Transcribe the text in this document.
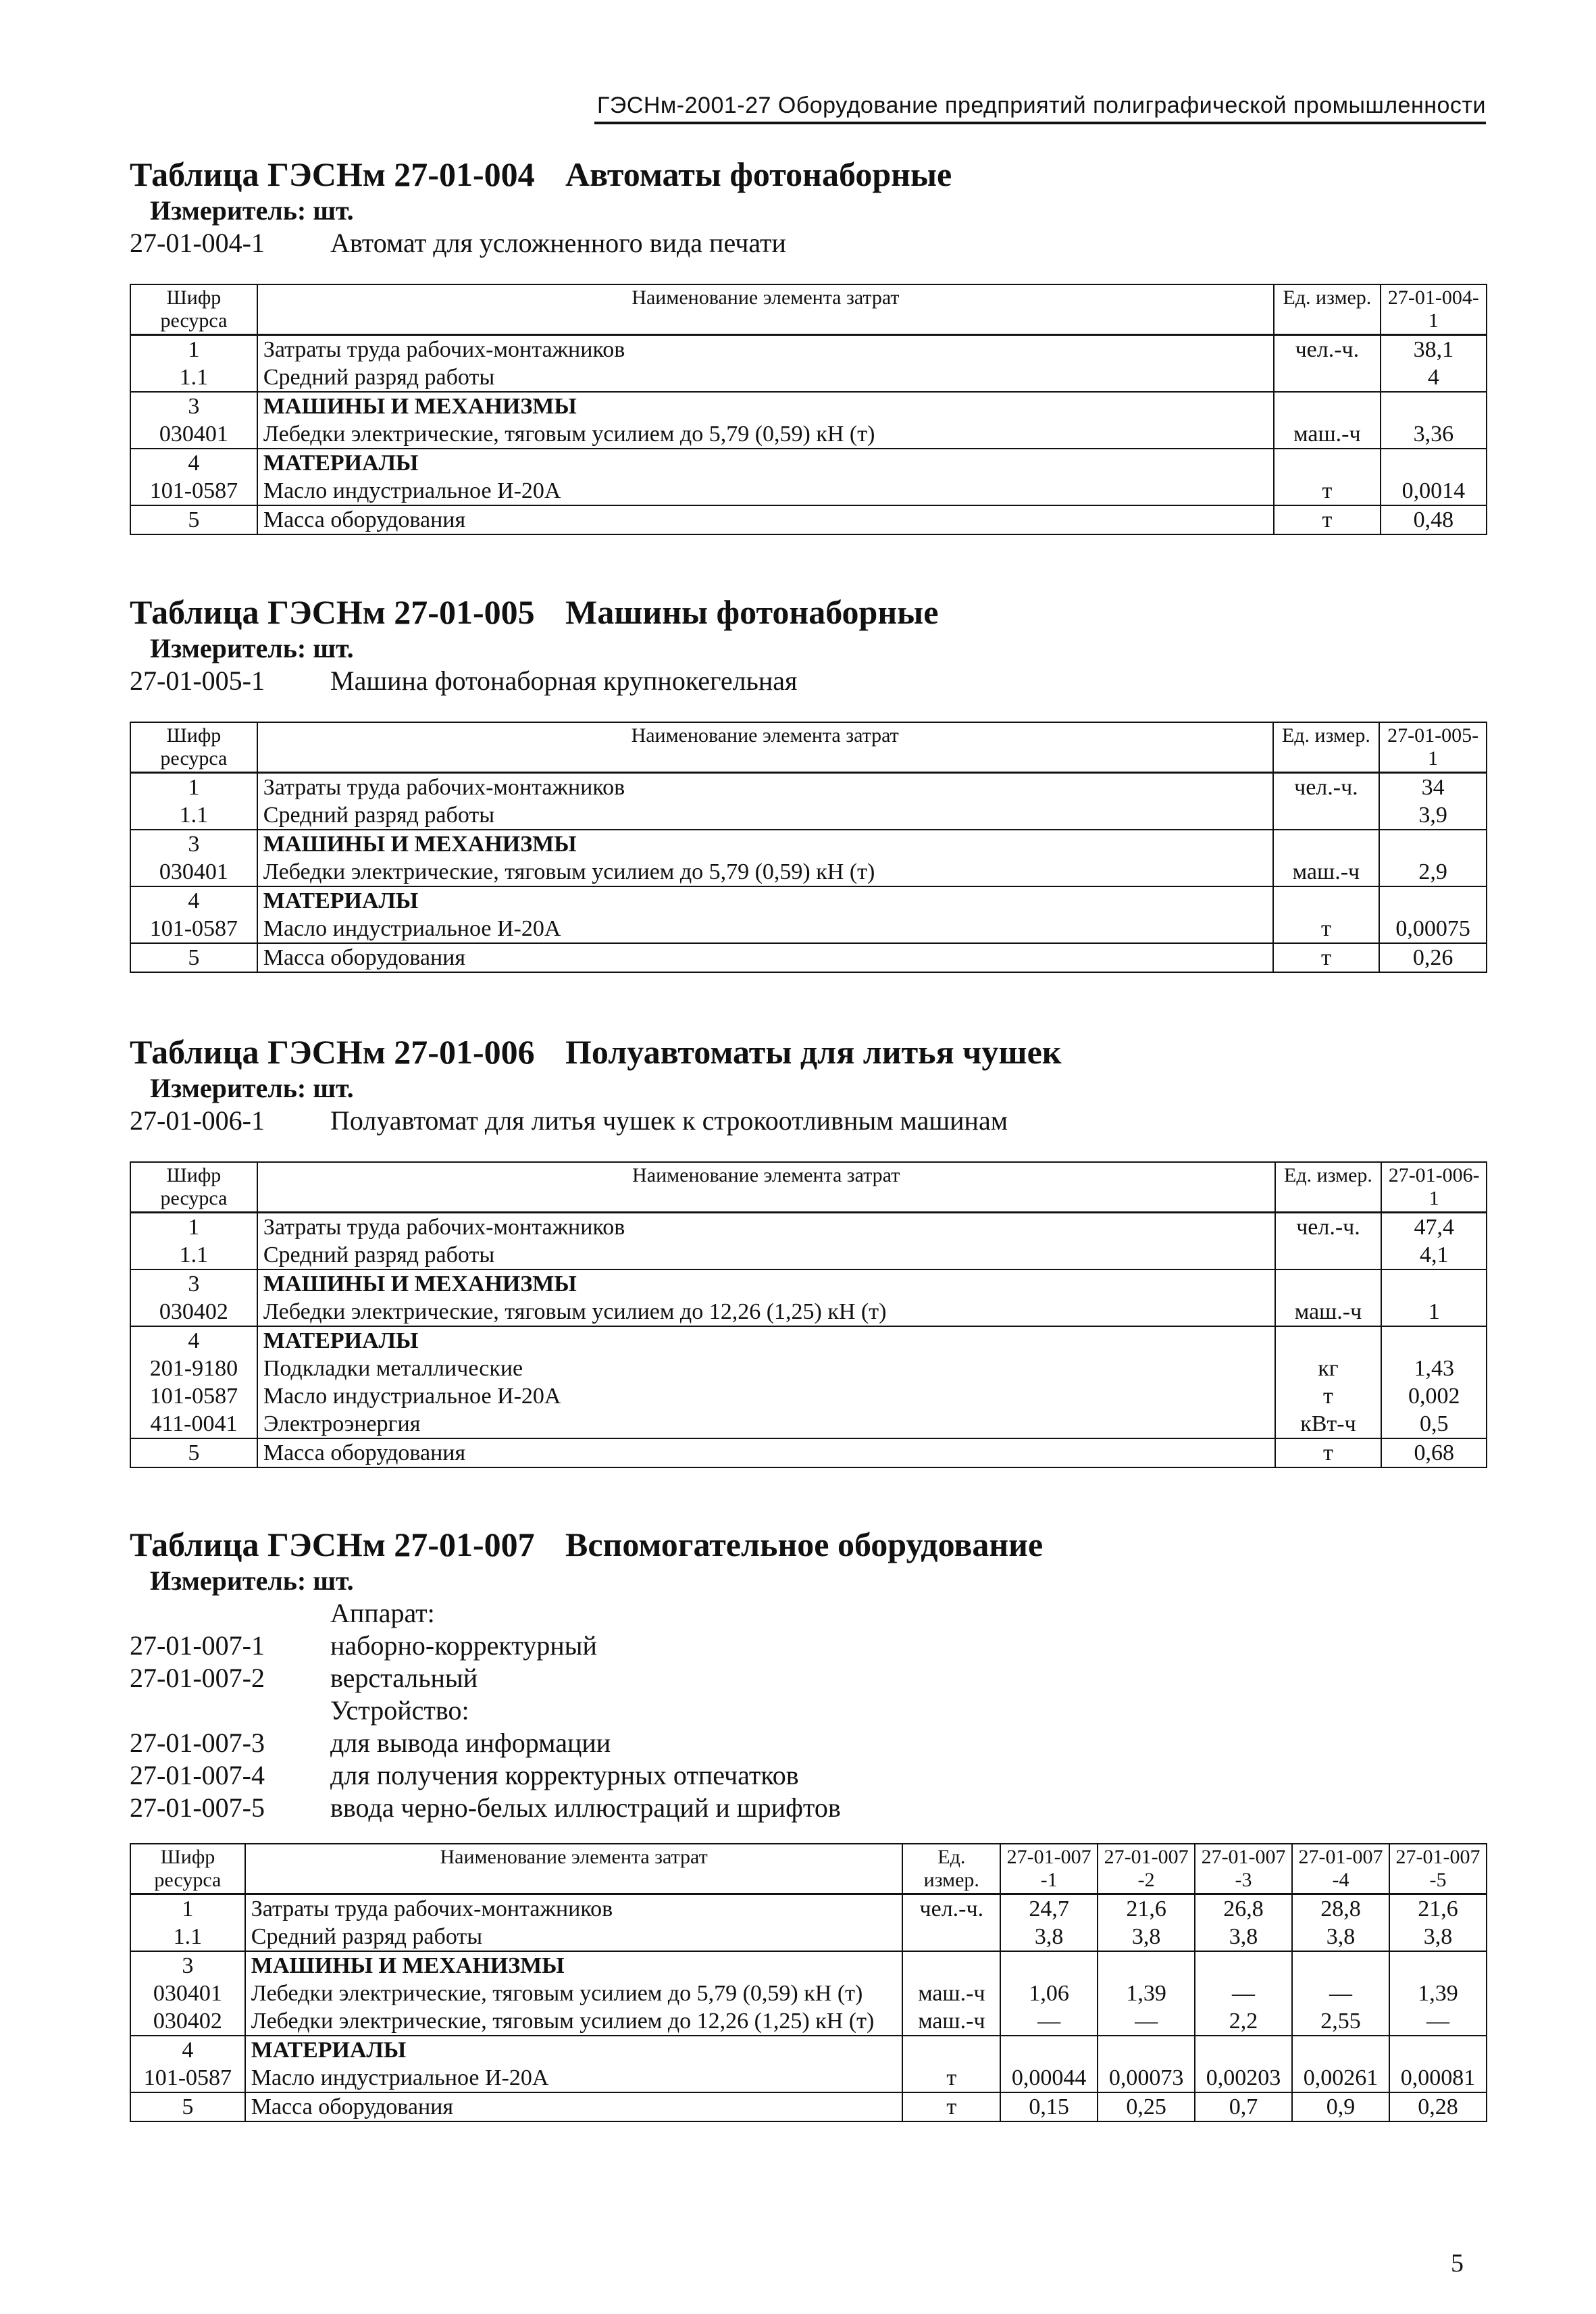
ГЭСНм-2001-27 Оборудование предприятий полиграфической промышленности
Таблица ГЭСНм 27-01-004 Автоматы фотонаборные
Измеритель: шт.
27-01-004-1 Автомат для усложненного вида печати
Шифр ресурса	Наименование элемента затрат	Ед. измер.	27-01-004-1
1	Затраты труда рабочих-монтажников	чел.-ч.	38,1
1.1	Средний разряд работы		4
3	МАШИНЫ И МЕХАНИЗМЫ		
030401	Лебедки электрические, тяговым усилием до 5,79 (0,59) кН (т)	маш.-ч	3,36
4	МАТЕРИАЛЫ		
101-0587	Масло индустриальное И-20А	т	0,0014
5	Масса оборудования	т	0,48
Таблица ГЭСНм 27-01-005 Машины фотонаборные
Измеритель: шт.
27-01-005-1 Машина фотонаборная крупнокегельная
Шифр ресурса	Наименование элемента затрат	Ед. измер.	27-01-005-1
1	Затраты труда рабочих-монтажников	чел.-ч.	34
1.1	Средний разряд работы		3,9
3	МАШИНЫ И МЕХАНИЗМЫ		
030401	Лебедки электрические, тяговым усилием до 5,79 (0,59) кН (т)	маш.-ч	2,9
4	МАТЕРИАЛЫ		
101-0587	Масло индустриальное И-20А	т	0,00075
5	Масса оборудования	т	0,26
Таблица ГЭСНм 27-01-006 Полуавтоматы для литья чушек
Измеритель: шт.
27-01-006-1 Полуавтомат для литья чушек к строкоотливным машинам
Шифр ресурса	Наименование элемента затрат	Ед. измер.	27-01-006-1
1	Затраты труда рабочих-монтажников	чел.-ч.	47,4
1.1	Средний разряд работы		4,1
3	МАШИНЫ И МЕХАНИЗМЫ		
030402	Лебедки электрические, тяговым усилием до 12,26 (1,25) кН (т)	маш.-ч	1
4	МАТЕРИАЛЫ		
201-9180	Подкладки металлические	кг	1,43
101-0587	Масло индустриальное И-20А	т	0,002
411-0041	Электроэнергия	кВт-ч	0,5
5	Масса оборудования	т	0,68
Таблица ГЭСНм 27-01-007 Вспомогательное оборудование
Измеритель: шт.
Аппарат:
27-01-007-1 наборно-корректурный
27-01-007-2 верстальный
Устройство:
27-01-007-3 для вывода информации
27-01-007-4 для получения корректурных отпечатков
27-01-007-5 ввода черно-белых иллюстраций и шрифтов
Шифр ресурса	Наименование элемента затрат	Ед. измер.	27-01-007-1	27-01-007-2	27-01-007-3	27-01-007-4	27-01-007-5
1	Затраты труда рабочих-монтажников	чел.-ч.	24,7	21,6	26,8	28,8	21,6
1.1	Средний разряд работы		3,8	3,8	3,8	3,8	3,8
3	МАШИНЫ И МЕХАНИЗМЫ						
030401	Лебедки электрические, тяговым усилием до 5,79 (0,59) кН (т)	маш.-ч	1,06	1,39	—	—	1,39
030402	Лебедки электрические, тяговым усилием до 12,26 (1,25) кН (т)	маш.-ч	—	—	2,2	2,55	—
4	МАТЕРИАЛЫ						
101-0587	Масло индустриальное И-20А	т	0,00044	0,00073	0,00203	0,00261	0,00081
5	Масса оборудования	т	0,15	0,25	0,7	0,9	0,28
5
